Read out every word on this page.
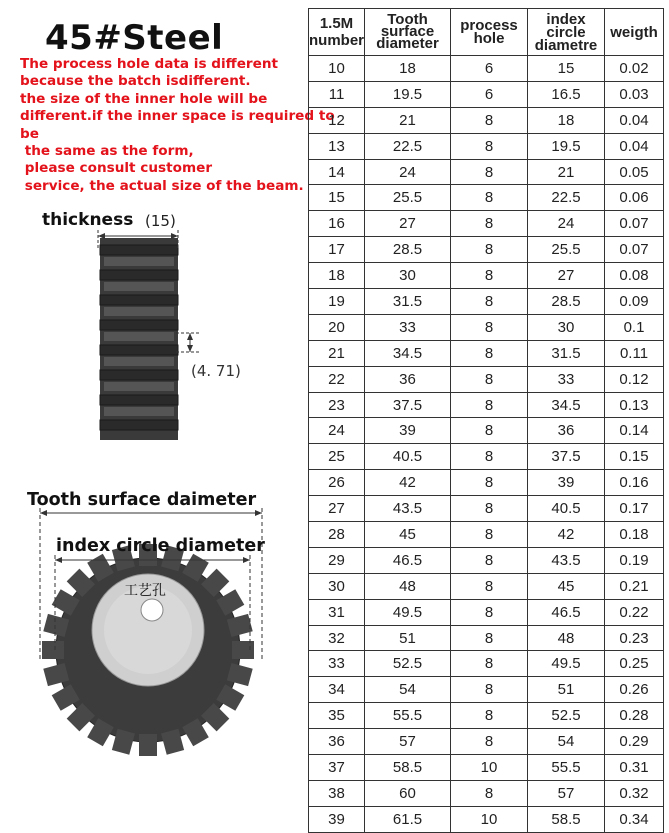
45#Steel
The process hole data is different
because the batch isdifferent.
the size of the inner hole will be
different.if the inner space is required to
be
the same as the form,
please consult customer
service, the actual size of the beam.
thickness (15)
(4. 71)
Tooth surface daimeter
index circle diameter
工艺孔
1.5M number	Tooth surface diameter	process hole	index circle diametre	weigth
10	18	6	15	0.02
11	19.5	6	16.5	0.03
12	21	8	18	0.04
13	22.5	8	19.5	0.04
14	24	8	21	0.05
15	25.5	8	22.5	0.06
16	27	8	24	0.07
17	28.5	8	25.5	0.07
18	30	8	27	0.08
19	31.5	8	28.5	0.09
20	33	8	30	0.1
21	34.5	8	31.5	0.11
22	36	8	33	0.12
23	37.5	8	34.5	0.13
24	39	8	36	0.14
25	40.5	8	37.5	0.15
26	42	8	39	0.16
27	43.5	8	40.5	0.17
28	45	8	42	0.18
29	46.5	8	43.5	0.19
30	48	8	45	0.21
31	49.5	8	46.5	0.22
32	51	8	48	0.23
33	52.5	8	49.5	0.25
34	54	8	51	0.26
35	55.5	8	52.5	0.28
36	57	8	54	0.29
37	58.5	10	55.5	0.31
38	60	8	57	0.32
39	61.5	10	58.5	0.34
